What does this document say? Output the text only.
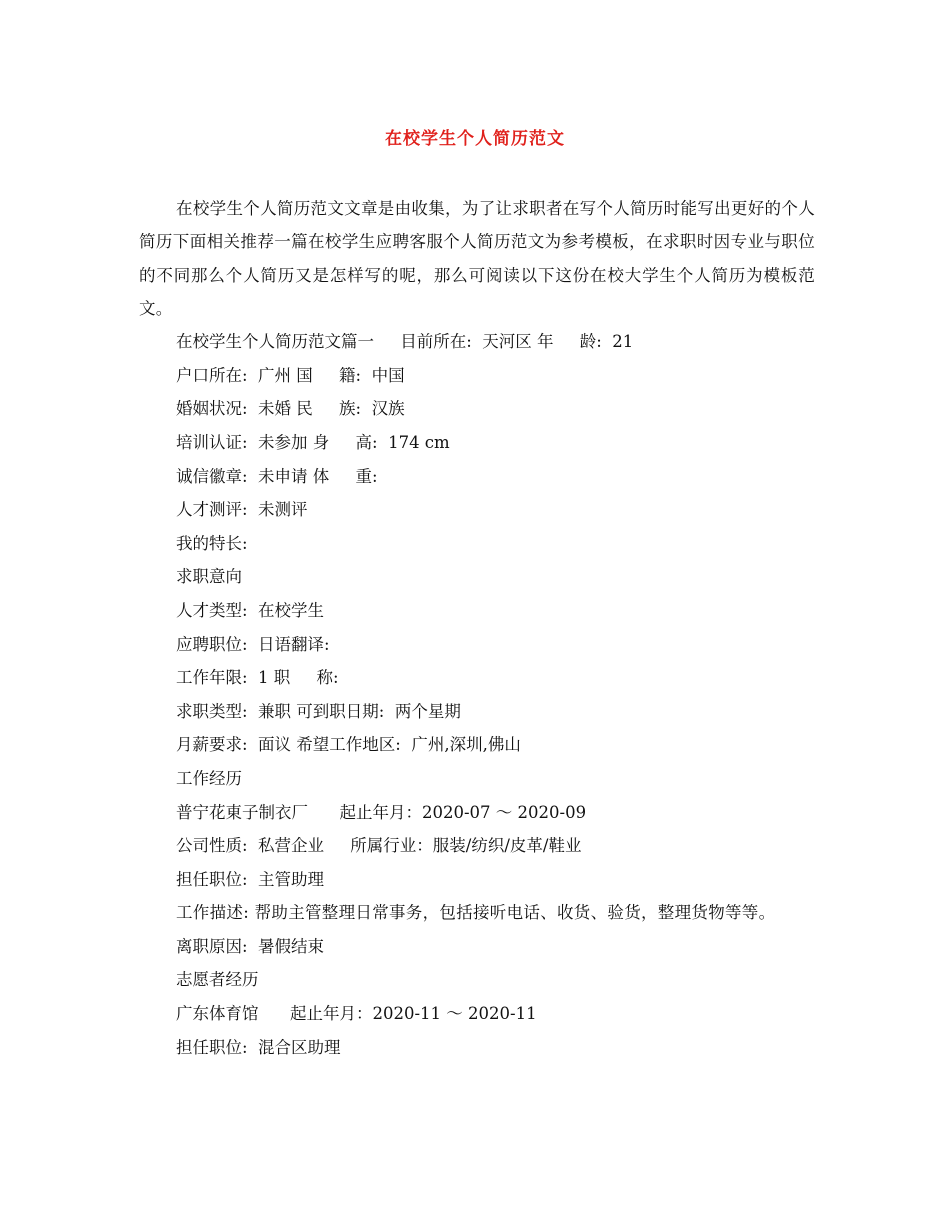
在校学生个人简历范文

在校学生个人简历范文文章是由收集，为了让求职者在写个人简历时能写出更好的个人简历下面相关推荐一篇在校学生应聘客服个人简历范文为参考模板，在求职时因专业与职位的不同那么个人简历又是怎样写的呢，那么可阅读以下这份在校大学生个人简历为模板范文。

在校学生个人简历范文篇一     目前所在:  天河区 年     龄:  21
户口所在:  广州 国     籍:  中国
婚姻状况:  未婚 民     族:  汉族
培训认证:  未参加 身     高:  174 cm
诚信徽章:  未申请 体     重:
人才测评:  未测评
我的特长:
求职意向
人才类型:  在校学生
应聘职位:  日语翻译:
工作年限:  1 职     称:
求职类型:  兼职 可到职日期:  两个星期
月薪要求:  面议 希望工作地区:  广州,深圳,佛山
工作经历
普宁花東子制衣厂      起止年月：2020-07 ～ 2020-09
公司性质:  私营企业     所属行业：服装/纺织/皮革/鞋业
担任职位:  主管助理

工作描述: 帮助主管整理日常事务，包括接听电话、收货、验货，整理货物等等。

离职原因:  暑假结束
志愿者经历
广东体育馆      起止年月：2020-11 ～ 2020-11
担任职位:  混合区助理
